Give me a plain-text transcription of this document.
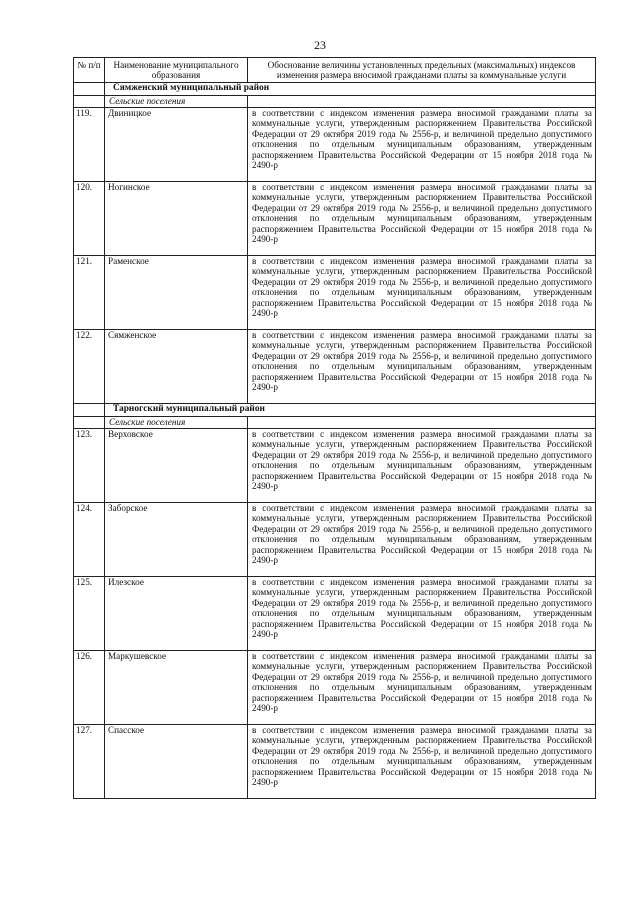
23
№ п/п	Наименование муниципального образования	Обоснование величины установленных предельных (максимальных) индексов изменения размера вносимой гражданами платы за коммунальные услуги
	Сямженский муниципальный район	
	Сельские поселения	
119.	Двиницкое	в соответствии с индексом изменения размера вносимой гражданами платы за коммунальные услуги, утвержденным распоряжением Правительства Российской Федерации от 29 октября 2019 года № 2556-р, и величиной предельно допустимого отклонения по отдельным муниципальным образованиям, утвержденным распоряжением Правительства Российской Федерации от 15 ноября 2018 года № 2490-р
120.	Ногинское	в соответствии с индексом изменения размера вносимой гражданами платы за коммунальные услуги, утвержденным распоряжением Правительства Российской Федерации от 29 октября 2019 года № 2556-р, и величиной предельно допустимого отклонения по отдельным муниципальным образованиям, утвержденным распоряжением Правительства Российской Федерации от 15 ноября 2018 года № 2490-р
121.	Раменское	в соответствии с индексом изменения размера вносимой гражданами платы за коммунальные услуги, утвержденным распоряжением Правительства Российской Федерации от 29 октября 2019 года № 2556-р, и величиной предельно допустимого отклонения по отдельным муниципальным образованиям, утвержденным распоряжением Правительства Российской Федерации от 15 ноября 2018 года № 2490-р
122.	Сямженское	в соответствии с индексом изменения размера вносимой гражданами платы за коммунальные услуги, утвержденным распоряжением Правительства Российской Федерации от 29 октября 2019 года № 2556-р, и величиной предельно допустимого отклонения по отдельным муниципальным образованиям, утвержденным распоряжением Правительства Российской Федерации от 15 ноября 2018 года № 2490-р
	Тарногский муниципальный район	
	Сельские поселения	
123.	Верховское	в соответствии с индексом изменения размера вносимой гражданами платы за коммунальные услуги, утвержденным распоряжением Правительства Российской Федерации от 29 октября 2019 года № 2556-р, и величиной предельно допустимого отклонения по отдельным муниципальным образованиям, утвержденным распоряжением Правительства Российской Федерации от 15 ноября 2018 года № 2490-р
124.	Заборское	в соответствии с индексом изменения размера вносимой гражданами платы за коммунальные услуги, утвержденным распоряжением Правительства Российской Федерации от 29 октября 2019 года № 2556-р, и величиной предельно допустимого отклонения по отдельным муниципальным образованиям, утвержденным распоряжением Правительства Российской Федерации от 15 ноября 2018 года № 2490-р
125.	Илезское	в соответствии с индексом изменения размера вносимой гражданами платы за коммунальные услуги, утвержденным распоряжением Правительства Российской Федерации от 29 октября 2019 года № 2556-р, и величиной предельно допустимого отклонения по отдельным муниципальным образованиям, утвержденным распоряжением Правительства Российской Федерации от 15 ноября 2018 года № 2490-р
126.	Маркушевское	в соответствии с индексом изменения размера вносимой гражданами платы за коммунальные услуги, утвержденным распоряжением Правительства Российской Федерации от 29 октября 2019 года № 2556-р, и величиной предельно допустимого отклонения по отдельным муниципальным образованиям, утвержденным распоряжением Правительства Российской Федерации от 15 ноября 2018 года № 2490-р
127.	Спасское	в соответствии с индексом изменения размера вносимой гражданами платы за коммунальные услуги, утвержденным распоряжением Правительства Российской Федерации от 29 октября 2019 года № 2556-р, и величиной предельно допустимого отклонения по отдельным муниципальным образованиям, утвержденным распоряжением Правительства Российской Федерации от 15 ноября 2018 года № 2490-р
